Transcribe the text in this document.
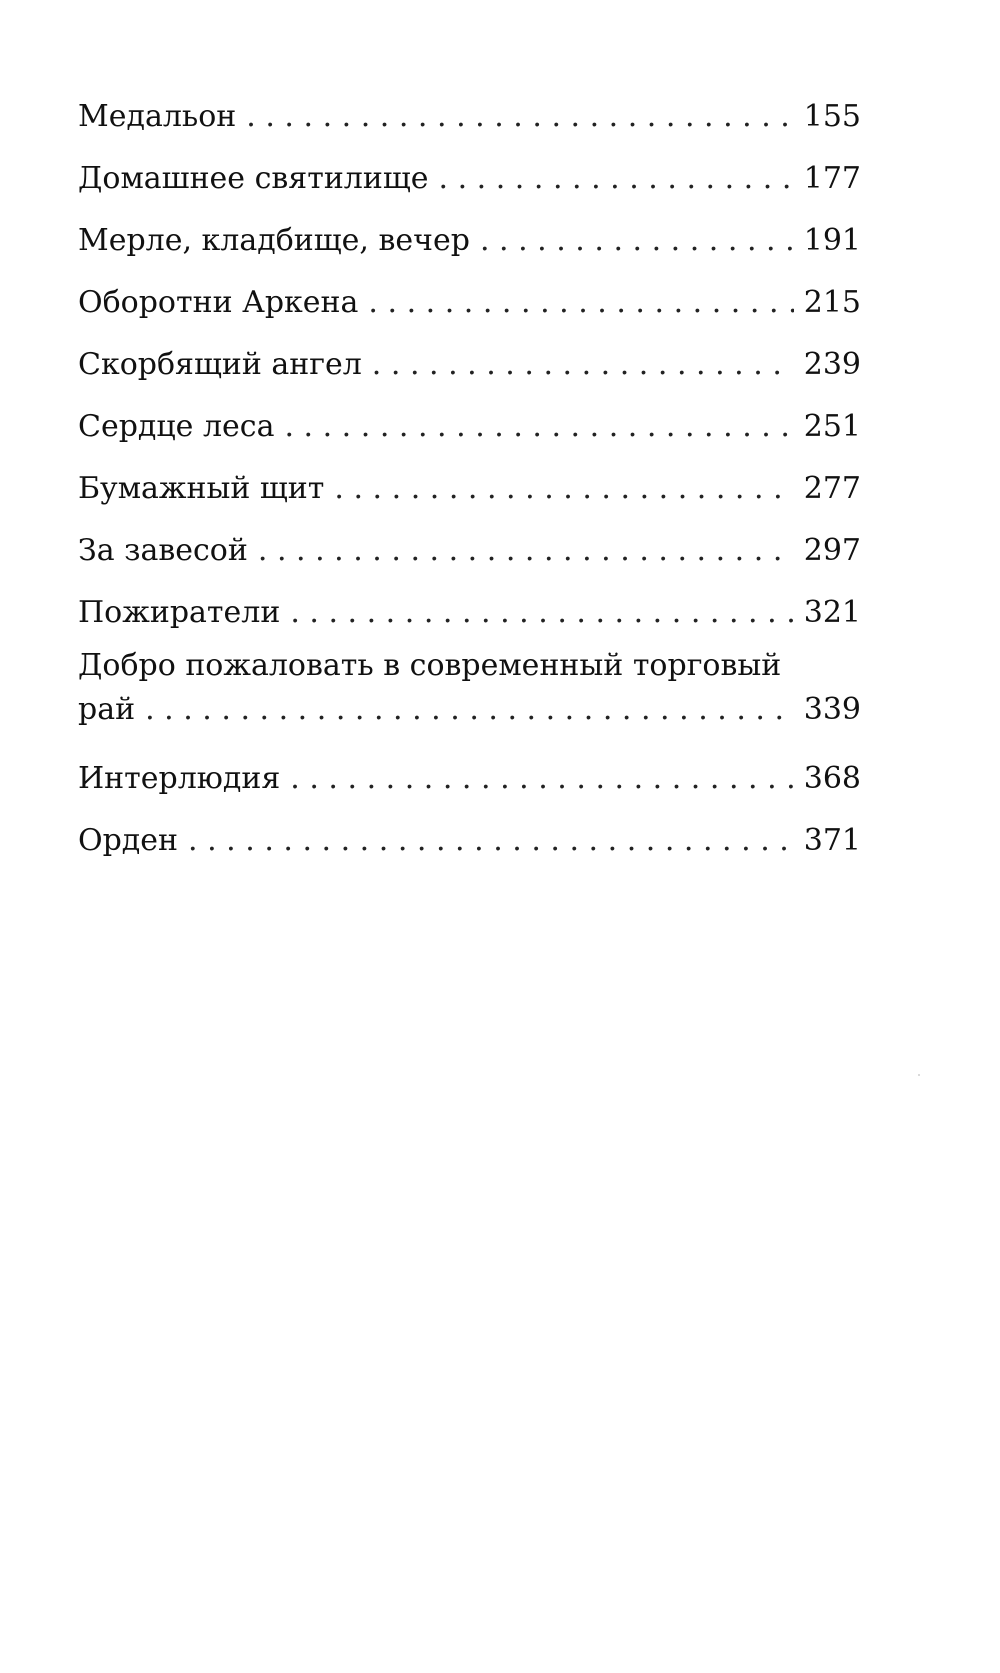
Медальон . . .	155
Домашнее святилище . . .	177
Мерле, кладбище, вечер . . .	191
Оборотни Аркена . . .	215
Скорбящий ангел . . .	239
Сердце леса . . .	251
Бумажный щит . . .	277
За завесой . . .	297
Пожиратели . . .	321
Добро пожаловать в современный торговый
рай . . .	339
Интерлюдия . . .	368
Орден . . .	371
